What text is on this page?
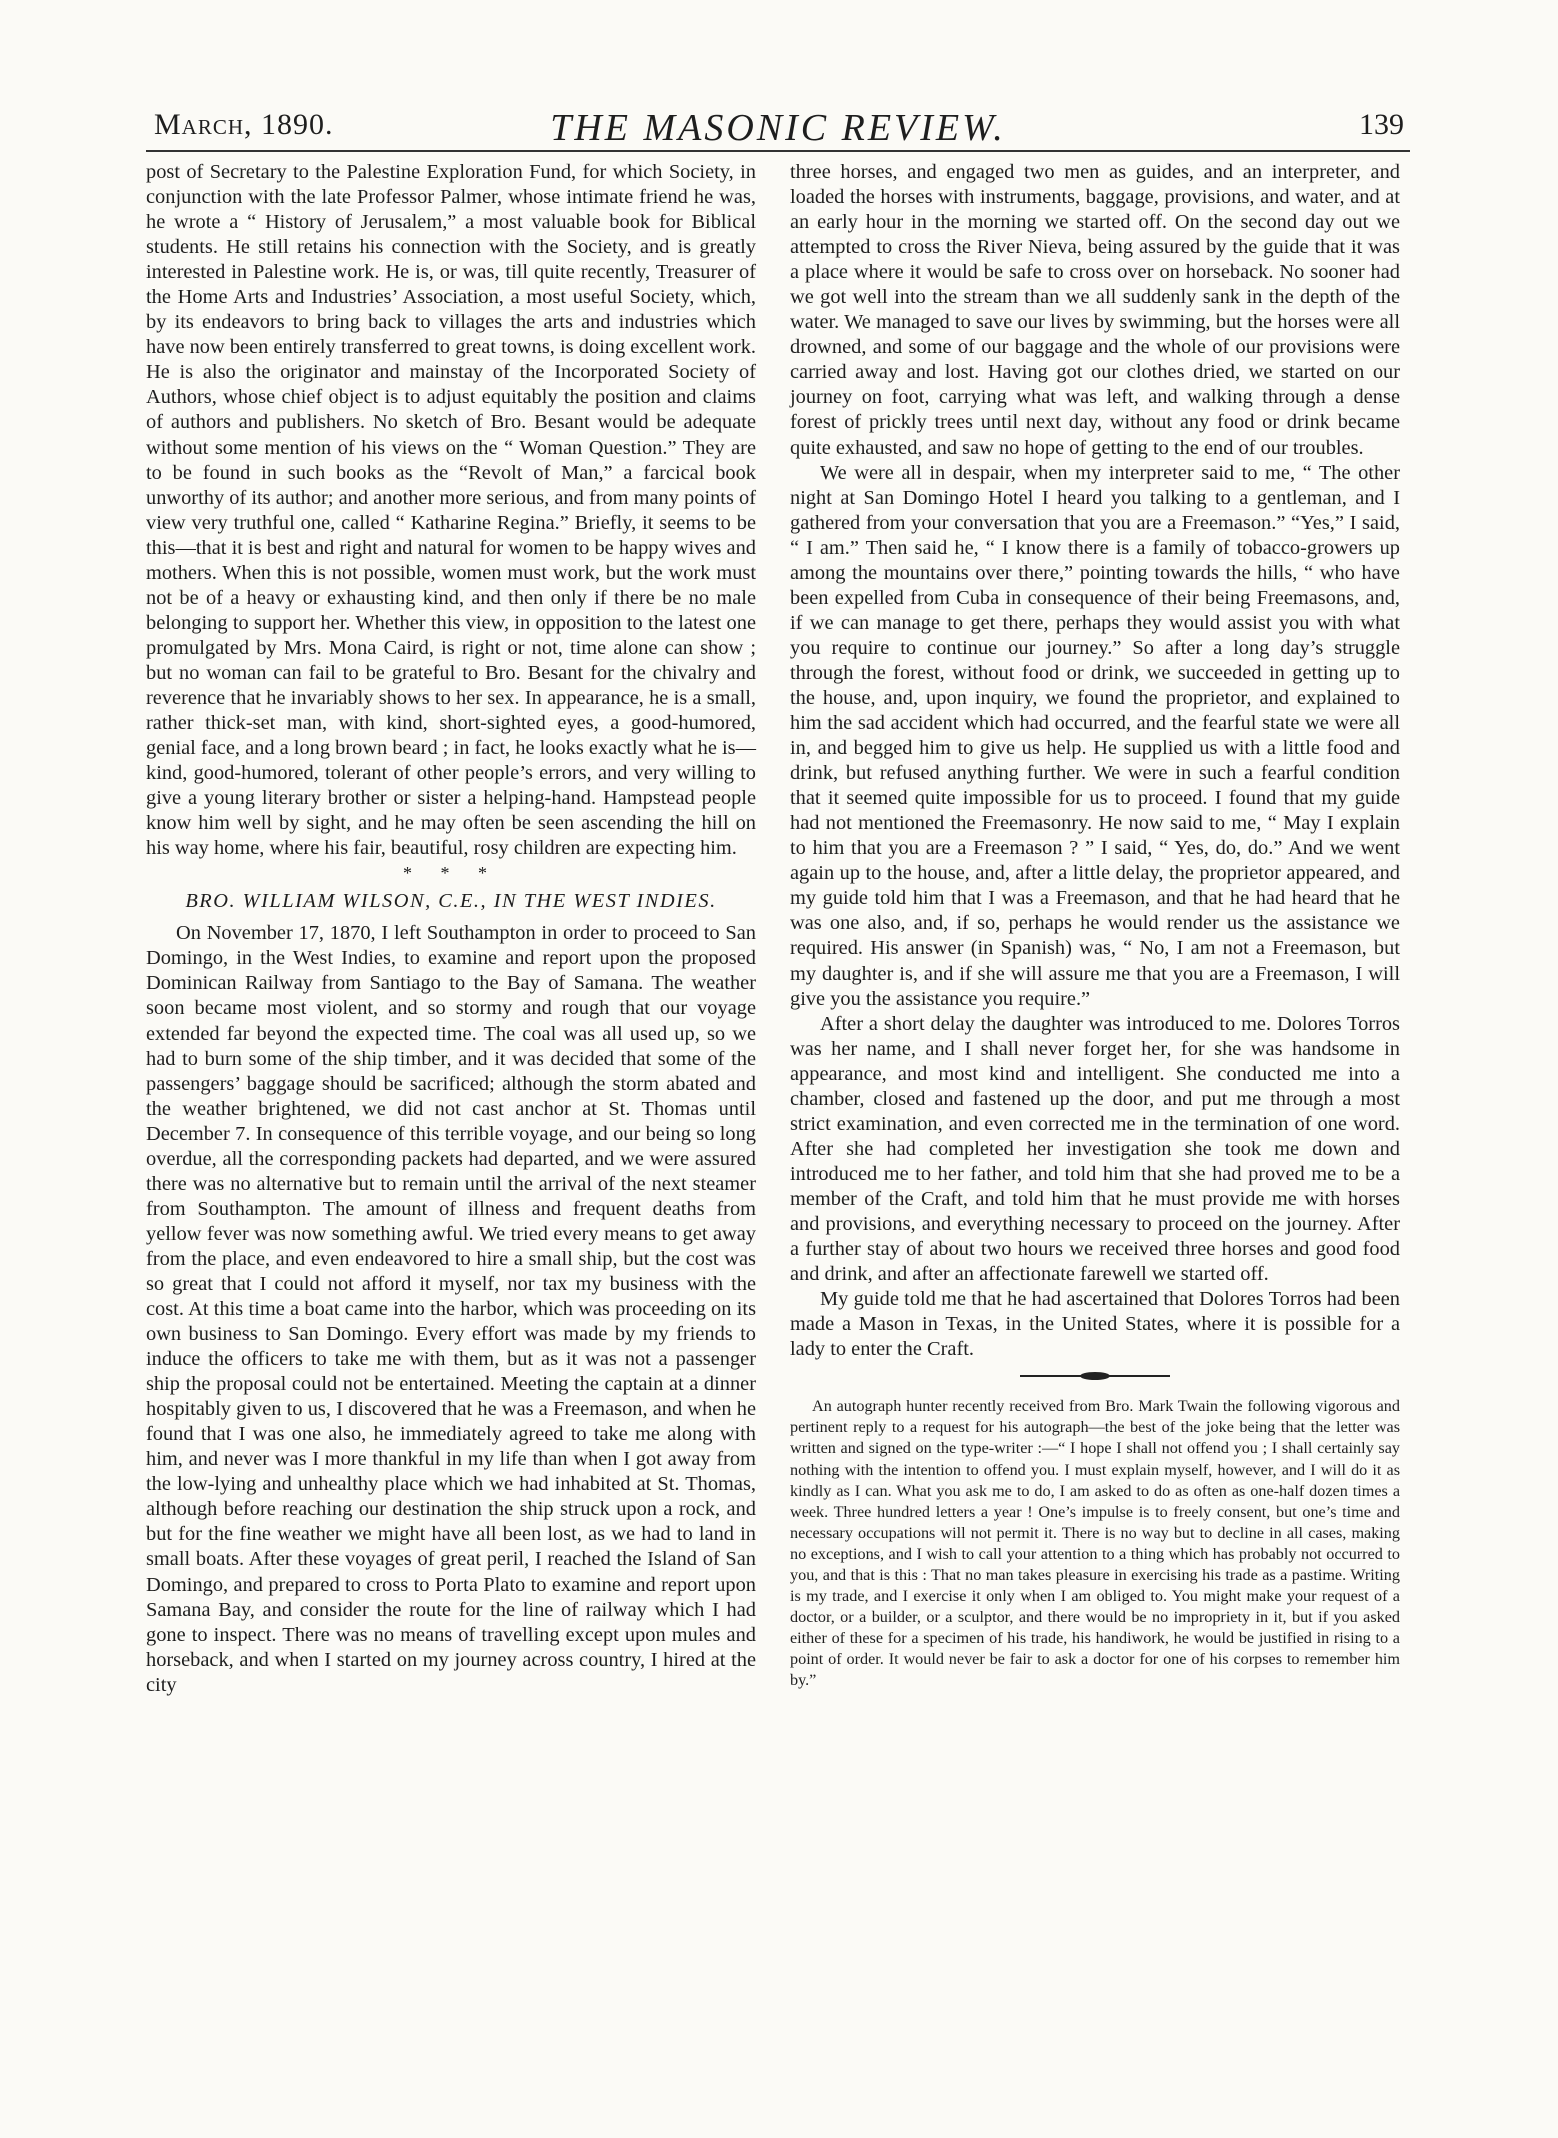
March, 1890.	THE MASONIC REVIEW.	139

post of Secretary to the Palestine Exploration Fund, for which Society, in conjunction with the late Professor Palmer, whose intimate friend he was, he wrote a “ History of Jerusalem,” a most valuable book for Biblical students. He still retains his connection with the Society, and is greatly interested in Palestine work. He is, or was, till quite recently, Treasurer of the Home Arts and Industries’ Association, a most useful Society, which, by its endeavors to bring back to villages the arts and industries which have now been entirely transferred to great towns, is doing excellent work. He is also the originator and mainstay of the Incorporated Society of Authors, whose chief object is to adjust equitably the position and claims of authors and publishers. No sketch of Bro. Besant would be adequate without some mention of his views on the “ Woman Question.” They are to be found in such books as the “Revolt of Man,” a farcical book unworthy of its author; and another more serious, and from many points of view very truthful one, called “ Katharine Regina.” Briefly, it seems to be this—that it is best and right and natural for women to be happy wives and mothers. When this is not possible, women must work, but the work must not be of a heavy or exhausting kind, and then only if there be no male belonging to support her. Whether this view, in opposition to the latest one promulgated by Mrs. Mona Caird, is right or not, time alone can show ; but no woman can fail to be grateful to Bro. Besant for the chivalry and reverence that he invariably shows to her sex. In appearance, he is a small, rather thick-set man, with kind, short-sighted eyes, a good-humored, genial face, and a long brown beard ; in fact, he looks exactly what he is—kind, good-humored, tolerant of other people’s errors, and very willing to give a young literary brother or sister a helping-hand. Hampstead people know him well by sight, and he may often be seen ascending the hill on his way home, where his fair, beautiful, rosy children are expecting him.

* * *
BRO. WILLIAM WILSON, C.E., IN THE WEST INDIES.

On November 17, 1870, I left Southampton in order to proceed to San Domingo, in the West Indies, to examine and report upon the proposed Dominican Railway from Santiago to the Bay of Samana. The weather soon became most violent, and so stormy and rough that our voyage extended far beyond the expected time. The coal was all used up, so we had to burn some of the ship timber, and it was decided that some of the passengers’ baggage should be sacrificed; although the storm abated and the weather brightened, we did not cast anchor at St. Thomas until December 7. In consequence of this terrible voyage, and our being so long overdue, all the corresponding packets had departed, and we were assured there was no alternative but to remain until the arrival of the next steamer from Southampton. The amount of illness and frequent deaths from yellow fever was now something awful. We tried every means to get away from the place, and even endeavored to hire a small ship, but the cost was so great that I could not afford it myself, nor tax my business with the cost. At this time a boat came into the harbor, which was proceeding on its own business to San Domingo. Every effort was made by my friends to induce the officers to take me with them, but as it was not a passenger ship the proposal could not be entertained. Meeting the captain at a dinner hospitably given to us, I discovered that he was a Freemason, and when he found that I was one also, he immediately agreed to take me along with him, and never was I more thankful in my life than when I got away from the low-lying and unhealthy place which we had inhabited at St. Thomas, although before reaching our destination the ship struck upon a rock, and but for the fine weather we might have all been lost, as we had to land in small boats. After these voyages of great peril, I reached the Island of San Domingo, and prepared to cross to Porta Plato to examine and report upon Samana Bay, and consider the route for the line of railway which I had gone to inspect. There was no means of travelling except upon mules and horseback, and when I started on my journey across country, I hired at the city

three horses, and engaged two men as guides, and an interpreter, and loaded the horses with instruments, baggage, provisions, and water, and at an early hour in the morning we started off. On the second day out we attempted to cross the River Nieva, being assured by the guide that it was a place where it would be safe to cross over on horseback. No sooner had we got well into the stream than we all suddenly sank in the depth of the water. We managed to save our lives by swimming, but the horses were all drowned, and some of our baggage and the whole of our provisions were carried away and lost. Having got our clothes dried, we started on our journey on foot, carrying what was left, and walking through a dense forest of prickly trees until next day, without any food or drink became quite exhausted, and saw no hope of getting to the end of our troubles.

We were all in despair, when my interpreter said to me, “ The other night at San Domingo Hotel I heard you talking to a gentleman, and I gathered from your conversation that you are a Freemason.” “Yes,” I said, “ I am.” Then said he, “ I know there is a family of tobacco-growers up among the mountains over there,” pointing towards the hills, “ who have been expelled from Cuba in consequence of their being Freemasons, and, if we can manage to get there, perhaps they would assist you with what you require to continue our journey.” So after a long day’s struggle through the forest, without food or drink, we succeeded in getting up to the house, and, upon inquiry, we found the proprietor, and explained to him the sad accident which had occurred, and the fearful state we were all in, and begged him to give us help. He supplied us with a little food and drink, but refused anything further. We were in such a fearful condition that it seemed quite impossible for us to proceed. I found that my guide had not mentioned the Freemasonry. He now said to me, “ May I explain to him that you are a Freemason ? ” I said, “ Yes, do, do.” And we went again up to the house, and, after a little delay, the proprietor appeared, and my guide told him that I was a Freemason, and that he had heard that he was one also, and, if so, perhaps he would render us the assistance we required. His answer (in Spanish) was, “ No, I am not a Freemason, but my daughter is, and if she will assure me that you are a Freemason, I will give you the assistance you require.”

After a short delay the daughter was introduced to me. Dolores Torros was her name, and I shall never forget her, for she was handsome in appearance, and most kind and intelligent. She conducted me into a chamber, closed and fastened up the door, and put me through a most strict examination, and even corrected me in the termination of one word. After she had completed her investigation she took me down and introduced me to her father, and told him that she had proved me to be a member of the Craft, and told him that he must provide me with horses and provisions, and everything necessary to proceed on the journey. After a further stay of about two hours we received three horses and good food and drink, and after an affectionate farewell we started off.

My guide told me that he had ascertained that Dolores Torros had been made a Mason in Texas, in the United States, where it is possible for a lady to enter the Craft.

An autograph hunter recently received from Bro. Mark Twain the following vigorous and pertinent reply to a request for his autograph—the best of the joke being that the letter was written and signed on the type-writer :—“ I hope I shall not offend you ; I shall certainly say nothing with the intention to offend you. I must explain myself, however, and I will do it as kindly as I can. What you ask me to do, I am asked to do as often as one-half dozen times a week. Three hundred letters a year ! One’s impulse is to freely consent, but one’s time and necessary occupations will not permit it. There is no way but to decline in all cases, making no exceptions, and I wish to call your attention to a thing which has probably not occurred to you, and that is this : That no man takes pleasure in exercising his trade as a pastime. Writing is my trade, and I exercise it only when I am obliged to. You might make your request of a doctor, or a builder, or a sculptor, and there would be no impropriety in it, but if you asked either of these for a specimen of his trade, his handiwork, he would be justified in rising to a point of order. It would never be fair to ask a doctor for one of his corpses to remember him by.”
